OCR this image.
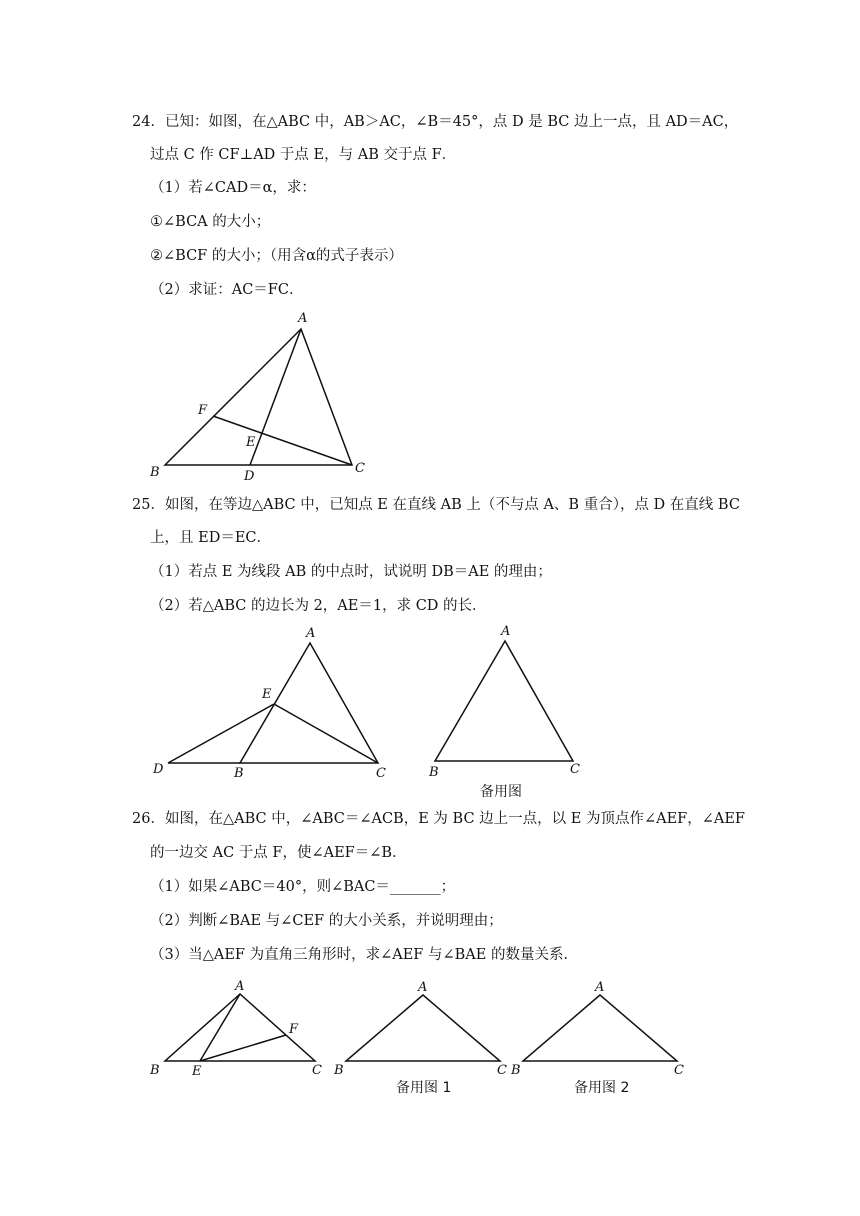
24．已知：如图，在△ABC 中，AB＞AC，∠B＝45°，点 D 是 BC 边上一点，且 AD＝AC，
过点 C 作 CF⊥AD 于点 E，与 AB 交于点 F．
（1）若∠CAD＝α，求：
①∠BCA 的大小；
②∠BCF 的大小；（用含α的式子表示）
（2）求证：AC＝FC．
A
B	C
D
E
F
A
B	C
D
E
A
B	C
A
B	C
E
F
A
B	C
A
B	C
25．如图，在等边△ABC 中，已知点 E 在直线 AB 上（不与点 A、B 重合），点 D 在直线 BC
上，且 ED＝EC．
（1）若点 E 为线段 AB 的中点时，试说明 DB＝AE 的理由；
（2）若△ABC 的边长为 2，AE＝1，求 CD 的长．
备用图
26．如图，在△ABC 中，∠ABC＝∠ACB，E 为 BC 边上一点，以 E 为顶点作∠AEF，∠AEF
的一边交 AC 于点 F，使∠AEF＝∠B．
（1）如果∠ABC＝40°，则∠BAC＝_______；
（2）判断∠BAE 与∠CEF 的大小关系，并说明理由；
（3）当△AEF 为直角三角形时，求∠AEF 与∠BAE 的数量关系．
备用图 1	备用图 2
